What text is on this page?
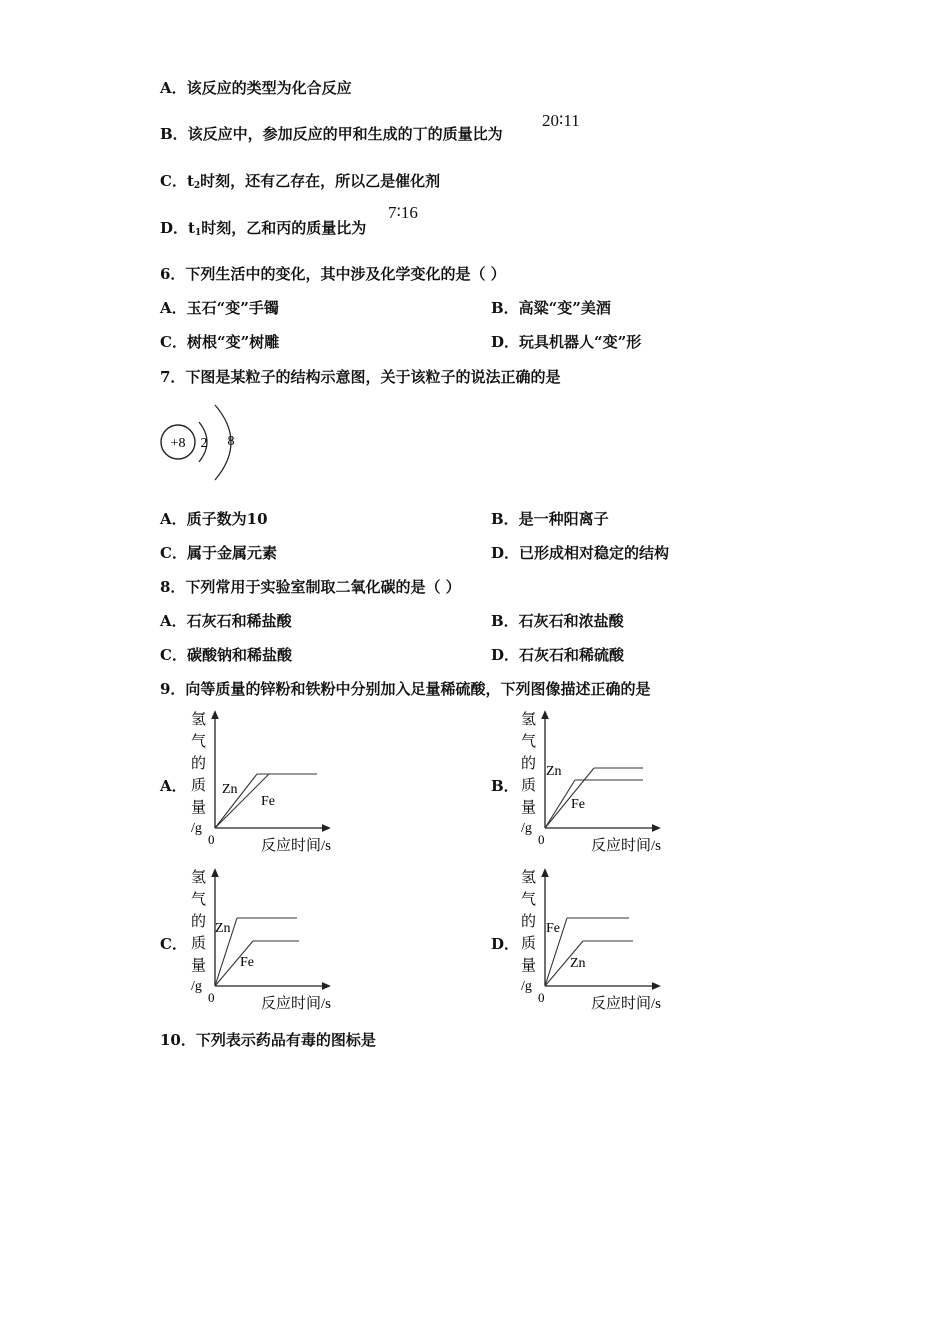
A．该反应的类型为化合反应
B．该反应中，参加反应的甲和生成的丁的质量比为
20∶11
C．$t_2$时刻，还有乙存在，所以乙是催化剂
D．$t_1$时刻，乙和丙的质量比为
7∶16
6．下列生活中的变化，其中涉及化学变化的是（ ）
A．玉石“变”手镯	B．高粱“变”美酒
C．树根“变”树雕	D．玩具机器人“变”形
7．下图是某粒子的结构示意图，关于该粒子的说法正确的是
+8 2 8
A．质子数为10	B．是一种阳离子
C．属于金属元素	D．已形成相对稳定的结构
8．下列常用于实验室制取二氧化碳的是（ ）
A．石灰石和稀盐酸	B．石灰石和浓盐酸
C．碳酸钠和稀盐酸	D．石灰石和稀硫酸
9．向等质量的锌粉和铁粉中分别加入足量稀硫酸，下列图像描述正确的是
A．
氢
气
的
质
量
/g
0	反应时间/s
Zn
Fe
B．
氢
气
的
质
量
/g
0	反应时间/s
Zn
Fe
C．
氢
气
的
质
量
/g
0	反应时间/s
Zn
Fe
D．
氢
气
的
质
量
/g
0	反应时间/s
Fe
Zn
10．下列表示药品有毒的图标是
